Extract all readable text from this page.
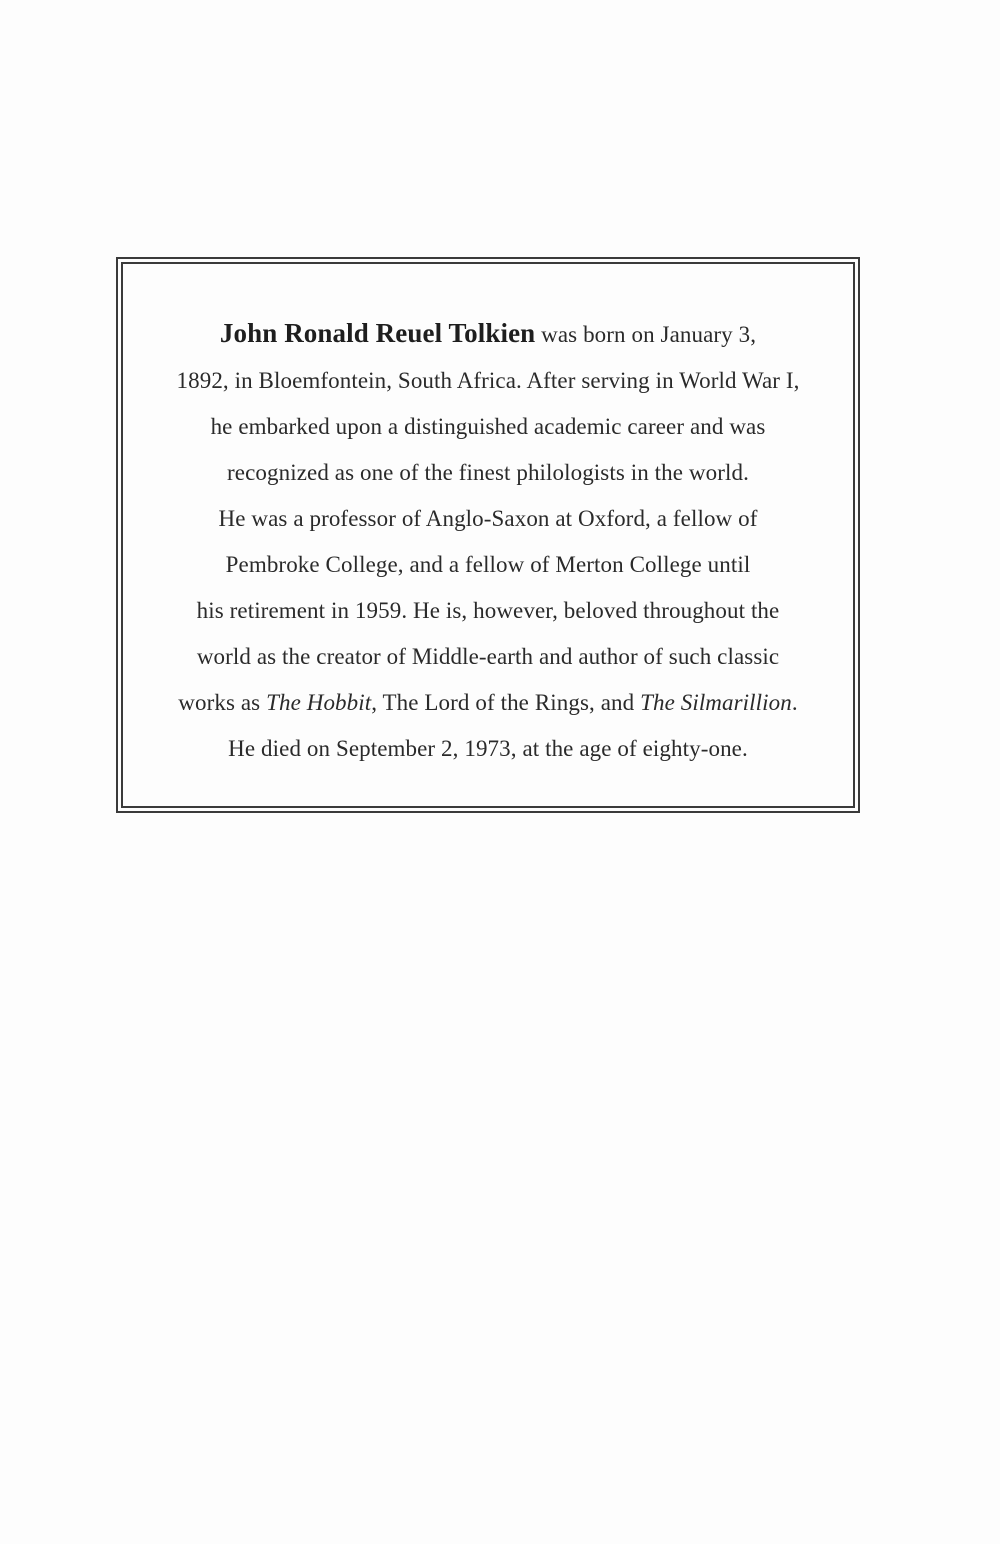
John Ronald Reuel Tolkien was born on January 3,
1892, in Bloemfontein, South Africa. After serving in World War I,
he embarked upon a distinguished academic career and was
recognized as one of the finest philologists in the world.
He was a professor of Anglo-Saxon at Oxford, a fellow of
Pembroke College, and a fellow of Merton College until
his retirement in 1959. He is, however, beloved throughout the
world as the creator of Middle-earth and author of such classic
works as The Hobbit, The Lord of the Rings, and The Silmarillion.
He died on September 2, 1973, at the age of eighty-one.
